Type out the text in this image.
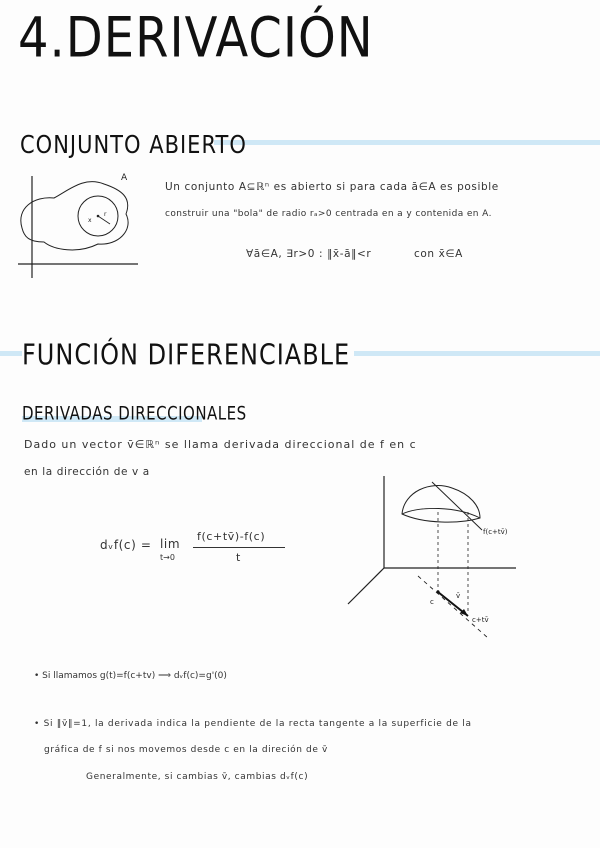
4.DERIVACIÓN
CONJUNTO ABIERTO
A
x
r
Un conjunto A⊆ℝⁿ es abierto si para cada ā∈A es posible
construir una "bola" de radio rₐ>0 centrada en a y contenida en A.
∀ā∈A, ∃r>0 : ‖x̄-ā‖<r	con x̄∈A
FUNCIÓN DIFERENCIABLE
DERIVADAS DIRECCIONALES
Dado un vector v̄∈ℝⁿ se llama derivada direccional de f en c
en la dirección de v a
dᵥf(c) = lim
t→0
f(c+tv̄)-f(c)
t
f(c+tv̄)
c
v̄
c+tv̄
• Si llamamos g(t)=f(c+tv) ⟹ dᵥf(c)=g'(0)
• Si ‖v̄‖=1, la derivada indica la pendiente de la recta tangente a la superficie de la
gráfica de f si nos movemos desde c en la direción de v̄
Generalmente, si cambias v̄, cambias dᵥf(c)
